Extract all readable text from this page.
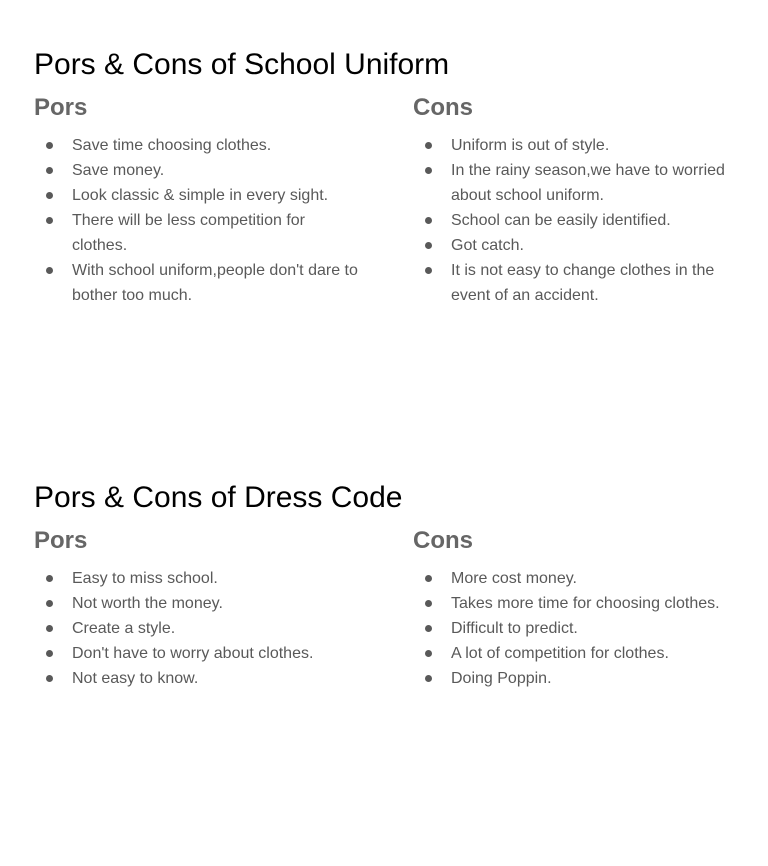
Pors & Cons of School Uniform
Pors
Save time choosing clothes.
Save money.
Look classic & simple in every sight.
There will be less competition for clothes.
With school uniform,people don't dare to bother too much.
Cons
Uniform is out of style.
In the rainy season,we have to worried about school uniform.
School can be easily identified.
Got catch.
It is not easy to change clothes in the event of an accident.
Pors & Cons of Dress Code
Pors
Easy to miss school.
Not worth the money.
Create a style.
Don't have to worry about clothes.
Not easy to know.
Cons
More cost money.
Takes more time for choosing clothes.
Difficult to predict.
A lot of competition for clothes.
Doing Poppin.
